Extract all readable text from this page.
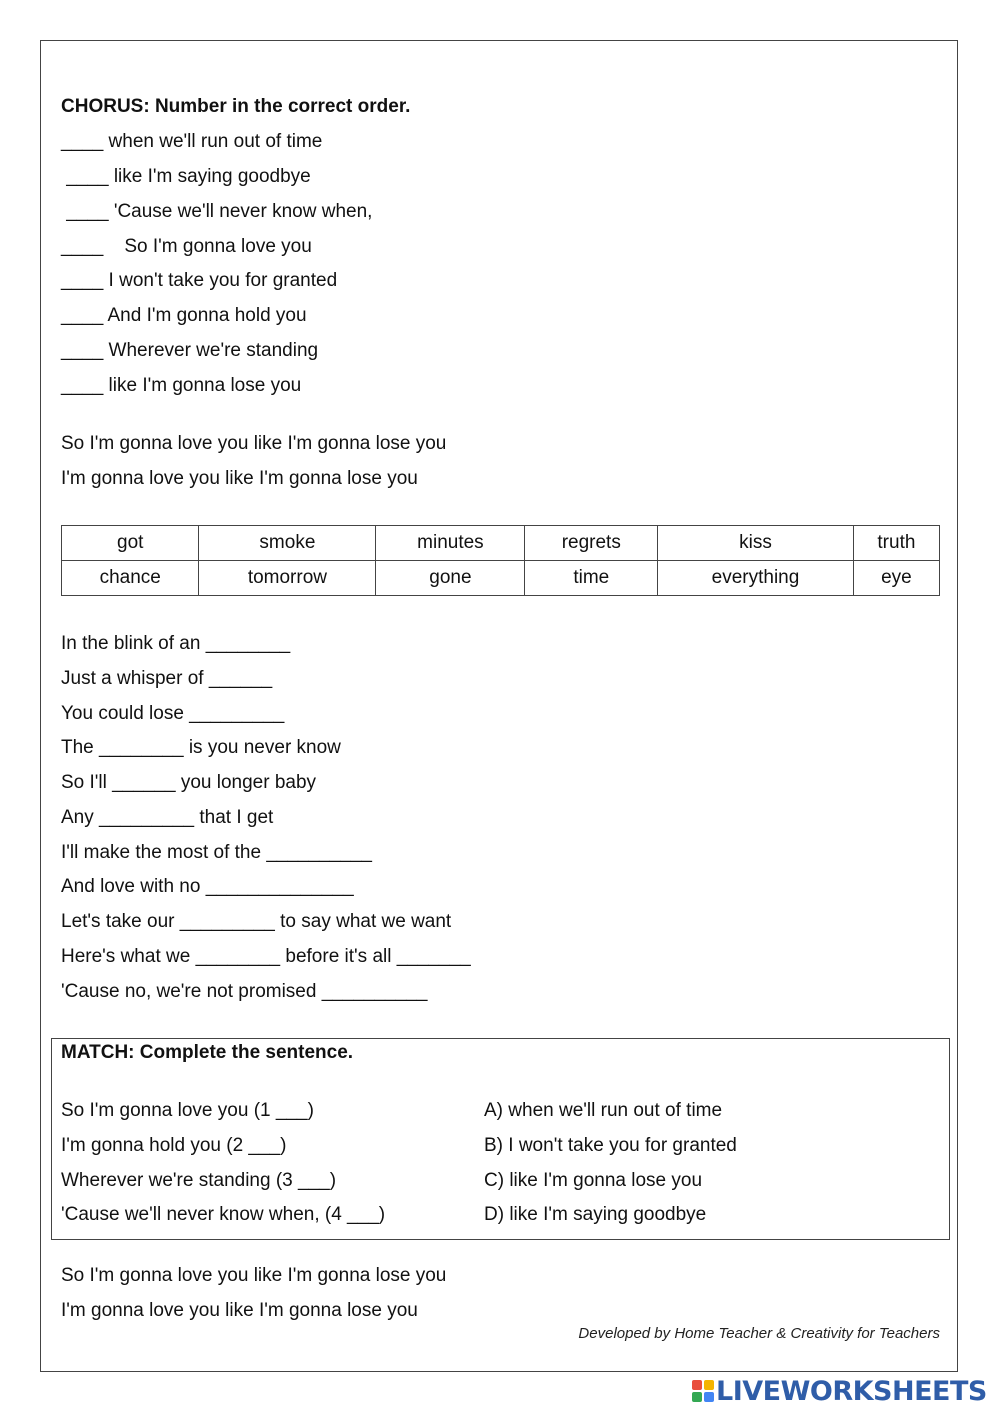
CHORUS: Number in the correct order.
____ when we'll run out of time
____ like I'm saying goodbye
____ 'Cause we'll never know when,
____    So I'm gonna love you
____ I won't take you for granted
____ And I'm gonna hold you
____ Wherever we're standing
____ like I'm gonna lose you
So I'm gonna love you like I'm gonna lose you
I'm gonna love you like I'm gonna lose you
got	smoke	minutes	regrets	kiss	truth
chance	tomorrow	gone	time	everything	eye
In the blink of an ________
Just a whisper of ______
You could lose _________
The ________ is you never know
So I'll ______ you longer baby
Any _________ that I get
I'll make the most of the __________
And love with no ______________
Let's take our _________ to say what we want
Here's what we ________ before it's all _______
'Cause no, we're not promised __________
MATCH: Complete the sentence.
So I'm gonna love you (1 ___)
I'm gonna hold you (2 ___)
Wherever we're standing (3 ___)
'Cause we'll never know when, (4 ___)
A) when we'll run out of time
B) I won't take you for granted
C) like I'm gonna lose you
D) like I'm saying goodbye
So I'm gonna love you like I'm gonna lose you
I'm gonna love you like I'm gonna lose you
Developed by Home Teacher & Creativity for Teachers
LIVEWORKSHEETS
